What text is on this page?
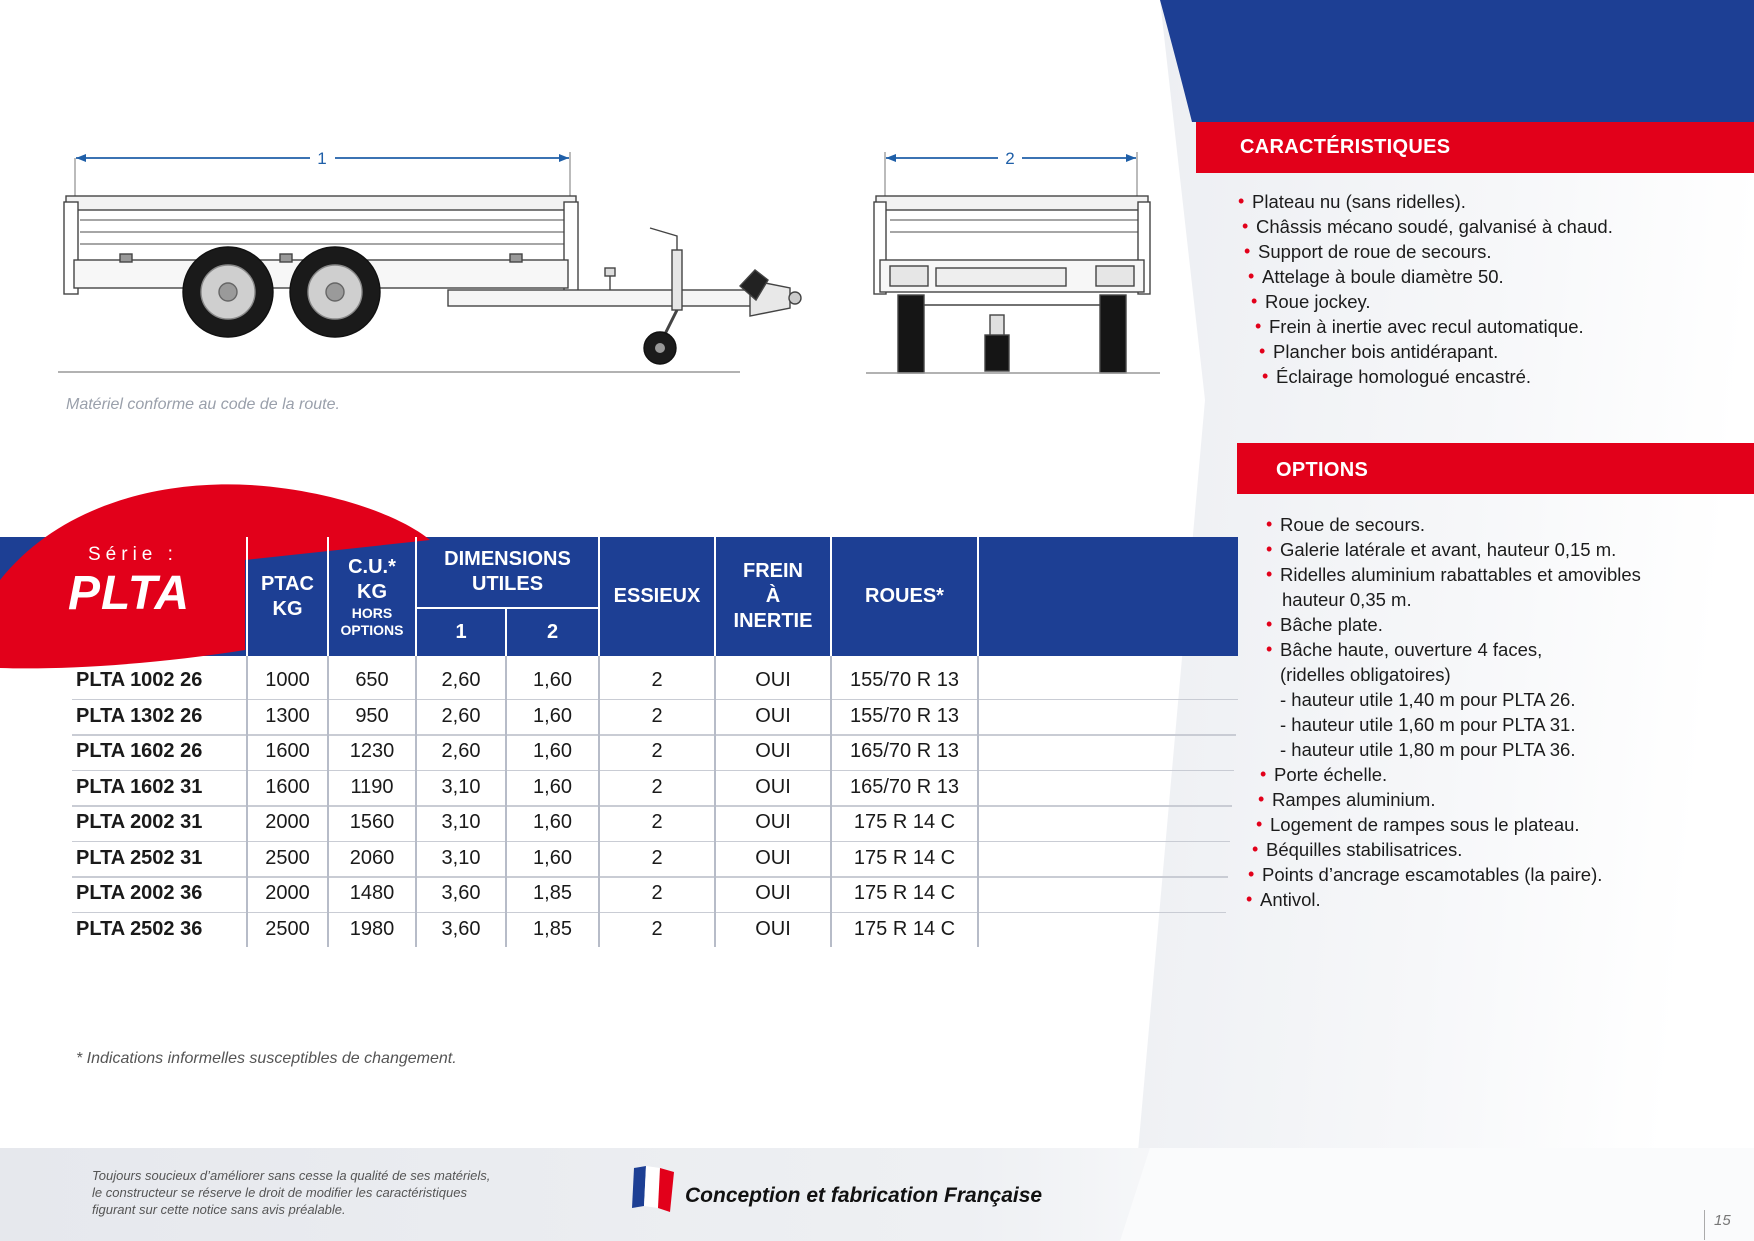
1	2
Matériel conforme au code de la route.
CARACTÉRISTIQUES
• Plateau nu (sans ridelles).
• Châssis mécano soudé, galvanisé à chaud.
• Support de roue de secours.
• Attelage à boule diamètre 50.
• Roue jockey.
• Frein à inertie avec recul automatique.
• Plancher bois antidérapant.
• Éclairage homologué encastré.
OPTIONS
• Roue de secours.
• Galerie latérale et avant, hauteur 0,15 m.
• Ridelles aluminium rabattables et amovibles
hauteur 0,35 m.
• Bâche plate.
• Bâche haute, ouverture 4 faces,
(ridelles obligatoires)
- hauteur utile 1,40 m pour PLTA 26.
- hauteur utile 1,60 m pour PLTA 31.
- hauteur utile 1,80 m pour PLTA 36.
• Porte échelle.
• Rampes aluminium.
• Logement de rampes sous le plateau.
• Béquilles stabilisatrices.
• Points d’ancrage escamotables (la paire).
• Antivol.
Série :
PLTA	PTAC
KG
C.U.*
KG
HORS
OPTIONS
DIMENSIONS
UTILES
1	2
ESSIEUX
FREIN
À
INERTIE
ROUES*
PLTA 1002 26	1000	650	2,60	1,60	2	OUI	155/70 R 13
PLTA 1302 26	1300	950	2,60	1,60	2	OUI	155/70 R 13
PLTA 1602 26	1600	1230	2,60	1,60	2	OUI	165/70 R 13
PLTA 1602 31	1600	1190	3,10	1,60	2	OUI	165/70 R 13
PLTA 2002 31	2000	1560	3,10	1,60	2	OUI	175 R 14 C
PLTA 2502 31	2500	2060	3,10	1,60	2	OUI	175 R 14 C
PLTA 2002 36	2000	1480	3,60	1,85	2	OUI	175 R 14 C
PLTA 2502 36	2500	1980	3,60	1,85	2	OUI	175 R 14 C
* Indications informelles susceptibles de changement.
Toujours soucieux d’améliorer sans cesse la qualité de ses matériels,
le constructeur se réserve le droit de modifier les caractéristiques
figurant sur cette notice sans avis préalable.
Conception et fabrication Française
15
